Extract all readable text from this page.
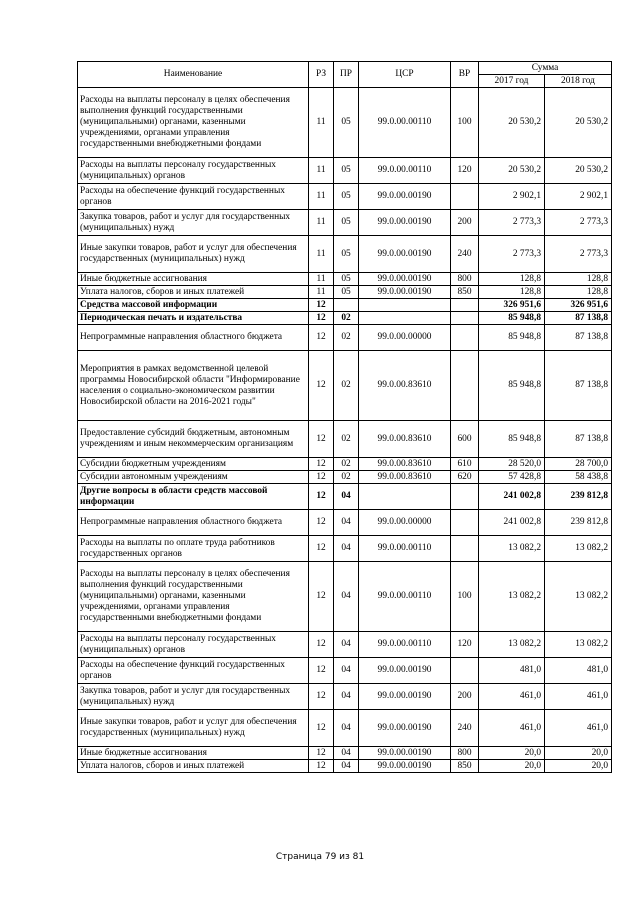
Наименование	РЗ	ПР	ЦСР	ВР	Сумма	
					2017 год	2018 год
Расходы на выплаты персоналу в целях обеспечения выполнения функций государственными (муниципальными) органами, казенными учреждениями, органами управления государственными внебюджетными фондами	11	05	99.0.00.00110	100	20 530,2	20 530,2
Расходы на выплаты персоналу государственных (муниципальных) органов	11	05	99.0.00.00110	120	20 530,2	20 530,2
Расходы на обеспечение функций государственных органов	11	05	99.0.00.00190		2 902,1	2 902,1
Закупка товаров, работ и услуг для государственных (муниципальных) нужд	11	05	99.0.00.00190	200	2 773,3	2 773,3
Иные закупки товаров, работ и услуг для обеспечения государственных (муниципальных) нужд	11	05	99.0.00.00190	240	2 773,3	2 773,3
Иные бюджетные ассигнования	11	05	99.0.00.00190	800	128,8	128,8
Уплата налогов, сборов и иных платежей	11	05	99.0.00.00190	850	128,8	128,8
Средства массовой информации	12				326 951,6	326 951,6
Периодическая печать и издательства	12	02			85 948,8	87 138,8
Непрограммные направления областного бюджета	12	02	99.0.00.00000		85 948,8	87 138,8
Мероприятия в рамках ведомственной целевой программы Новосибирской области "Информирование населения о социально-экономическом развитии Новосибирской области на 2016-2021 годы"	12	02	99.0.00.83610		85 948,8	87 138,8
Предоставление субсидий бюджетным, автономным учреждениям и иным некоммерческим организациям	12	02	99.0.00.83610	600	85 948,8	87 138,8
Субсидии бюджетным учреждениям	12	02	99.0.00.83610	610	28 520,0	28 700,0
Субсидии автономным учреждениям	12	02	99.0.00.83610	620	57 428,8	58 438,8
Другие вопросы в области средств массовой информации	12	04			241 002,8	239 812,8
Непрограммные направления областного бюджета	12	04	99.0.00.00000		241 002,8	239 812,8
Расходы на выплаты по оплате труда работников государственных органов	12	04	99.0.00.00110		13 082,2	13 082,2
Расходы на выплаты персоналу в целях обеспечения выполнения функций государственными (муниципальными) органами, казенными учреждениями, органами управления государственными внебюджетными фондами	12	04	99.0.00.00110	100	13 082,2	13 082,2
Расходы на выплаты персоналу государственных (муниципальных) органов	12	04	99.0.00.00110	120	13 082,2	13 082,2
Расходы на обеспечение функций государственных органов	12	04	99.0.00.00190		481,0	481,0
Закупка товаров, работ и услуг для государственных (муниципальных) нужд	12	04	99.0.00.00190	200	461,0	461,0
Иные закупки товаров, работ и услуг для обеспечения государственных (муниципальных) нужд	12	04	99.0.00.00190	240	461,0	461,0
Иные бюджетные ассигнования	12	04	99.0.00.00190	800	20,0	20,0
Уплата налогов, сборов и иных платежей	12	04	99.0.00.00190	850	20,0	20,0
Страница 79 из 81
